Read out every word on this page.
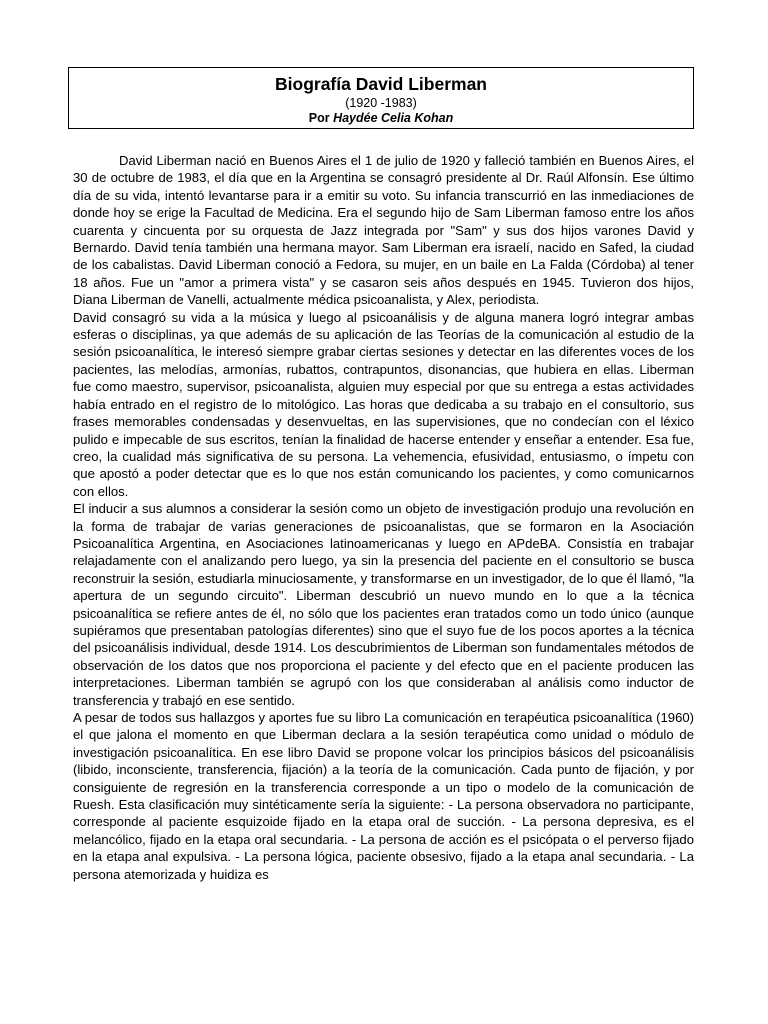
Biografía David Liberman
(1920 -1983)
Por Haydée Celia Kohan

David Liberman nació en Buenos Aires el 1 de julio de 1920 y falleció también en Buenos Aires, el 30 de octubre de 1983, el día que en la Argentina se consagró presidente al Dr. Raúl Alfonsín. Ese último día de su vida, intentó levantarse para ir a emitir su voto. Su infancia transcurrió en las inmediaciones de donde hoy se erige la Facultad de Medicina. Era el segundo hijo de Sam Liberman famoso entre los años cuarenta y cincuenta por su orquesta de Jazz integrada por "Sam" y sus dos hijos varones David y Bernardo. David tenía también una hermana mayor. Sam Liberman era israelí, nacido en Safed, la ciudad de los cabalistas. David Liberman conoció a Fedora, su mujer, en un baile en La Falda (Córdoba) al tener 18 años. Fue un "amor a primera vista" y se casaron seis años después en 1945. Tuvieron dos hijos, Diana Liberman de Vanelli, actualmente médica psicoanalista, y Alex, periodista.

David consagró su vida a la música y luego al psicoanálisis y de alguna manera logró integrar ambas esferas o disciplinas, ya que además de su aplicación de las Teorías de la comunicación al estudio de la sesión psicoanalítica, le interesó siempre grabar ciertas sesiones y detectar en las diferentes voces de los pacientes, las melodías, armonías, rubattos, contrapuntos, disonancias, que hubiera en ellas. Liberman fue como maestro, supervisor, psicoanalista, alguien muy especial por que su entrega a estas actividades había entrado en el registro de lo mitológico. Las horas que dedicaba a su trabajo en el consultorio, sus frases memorables condensadas y desenvueltas, en las supervisiones, que no condecían con el léxico pulido e impecable de sus escritos, tenían la finalidad de hacerse entender y enseñar a entender. Esa fue, creo, la cualidad más significativa de su persona. La vehemencia, efusividad, entusiasmo, o ímpetu con que apostó a poder detectar que es lo que nos están comunicando los pacientes, y como comunicarnos con ellos.

El inducir a sus alumnos a considerar la sesión como un objeto de investigación produjo una revolución en la forma de trabajar de varias generaciones de psicoanalistas, que se formaron en la Asociación Psicoanalítica Argentina, en Asociaciones latinoamericanas y luego en APdeBA. Consistía en trabajar relajadamente con el analizando pero luego, ya sin la presencia del paciente en el consultorio se busca reconstruir la sesión, estudiarla minuciosamente, y transformarse en un investigador, de lo que él llamó, "la apertura de un segundo circuito". Liberman descubrió un nuevo mundo en lo que a la técnica psicoanalítica se refiere antes de él, no sólo que los pacientes eran tratados como un todo único (aunque supiéramos que presentaban patologías diferentes) sino que el suyo fue de los pocos aportes a la técnica del psicoanálisis individual, desde 1914. Los descubrimientos de Liberman son fundamentales métodos de observación de los datos que nos proporciona el paciente y del efecto que en el paciente producen las interpretaciones. Liberman también se agrupó con los que consideraban al análisis como inductor de transferencia y trabajó en ese sentido.

A pesar de todos sus hallazgos y aportes fue su libro La comunicación en terapéutica psicoanalítica (1960) el que jalona el momento en que Liberman declara a la sesión terapéutica como unidad o módulo de investigación psicoanalítica. En ese libro David se propone volcar los principios básicos del psicoanálisis (libido, inconsciente, transferencia, fijación) a la teoría de la comunicación. Cada punto de fijación, y por consiguiente de regresión en la transferencia corresponde a un tipo o modelo de la comunicación de Ruesh. Esta clasificación muy sintéticamente sería la siguiente: - La persona observadora no participante, corresponde al paciente esquizoide fijado en la etapa oral de succión. - La persona depresiva, es el melancólico, fijado en la etapa oral secundaria. - La persona de acción es el psicópata o el perverso fijado en la etapa anal expulsiva. - La persona lógica, paciente obsesivo, fijado a la etapa anal secundaria. - La persona atemorizada y huidiza es
